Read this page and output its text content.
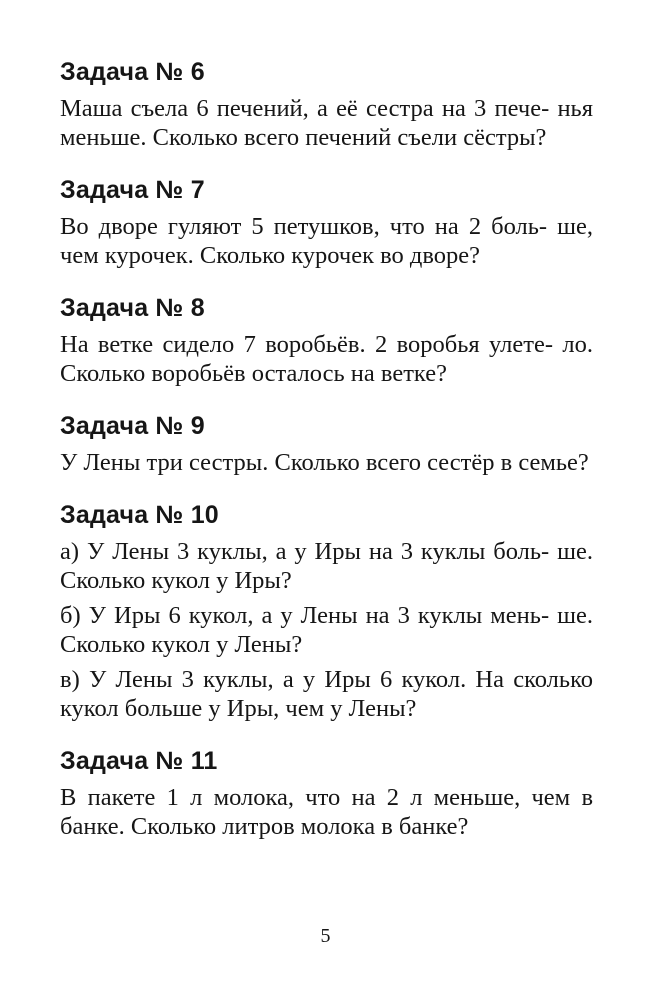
Задача № 6

Маша съела 6 печений, а её сестра на 3 пече- нья меньше. Сколько всего печений съели сёстры?

Задача № 7

Во дворе гуляют 5 петушков, что на 2 боль- ше, чем курочек. Сколько курочек во дворе?

Задача № 8

На ветке сидело 7 воробьёв. 2 воробья улете- ло. Сколько воробьёв осталось на ветке?

Задача № 9

У Лены три сестры. Сколько всего сестёр в семье?

Задача № 10

а) У Лены 3 куклы, а у Иры на 3 куклы боль- ше. Сколько кукол у Иры?

б) У Иры 6 кукол, а у Лены на 3 куклы мень- ше. Сколько кукол у Лены?

в) У Лены 3 куклы, а у Иры 6 кукол. На сколько кукол больше у Иры, чем у Лены?

Задача № 11

В пакете 1 л молока, что на 2 л меньше, чем в банке. Сколько литров молока в банке?

5
